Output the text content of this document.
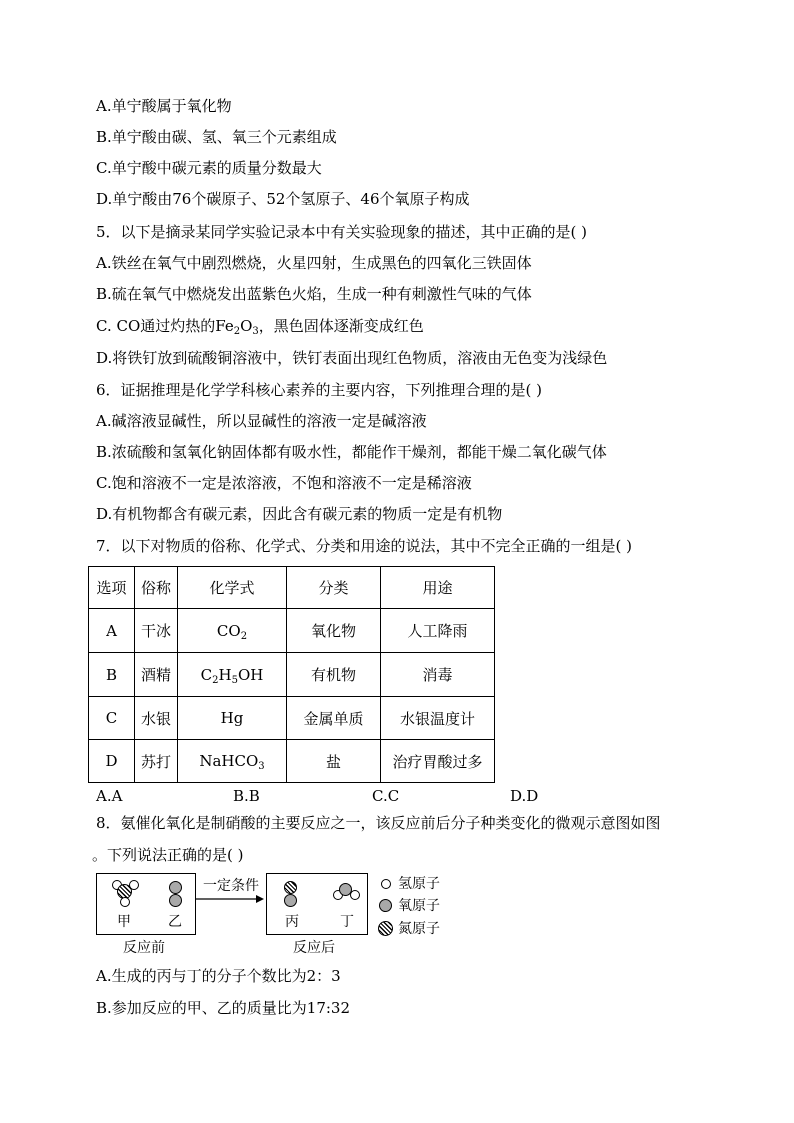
A.单宁酸属于氧化物
B.单宁酸由碳、氢、氧三个元素组成
C.单宁酸中碳元素的质量分数最大
D.单宁酸由76个碳原子、52个氢原子、46个氧原子构成
5．以下是摘录某同学实验记录本中有关实验现象的描述，其中正确的是( )
A.铁丝在氧气中剧烈燃烧，火星四射，生成黑色的四氧化三铁固体
B.硫在氧气中燃烧发出蓝紫色火焰，生成一种有刺激性气味的气体
C. CO通过灼热的$Fe_2O_3$，黑色固体逐渐变成红色
D.将铁钉放到硫酸铜溶液中，铁钉表面出现红色物质，溶液由无色变为浅绿色
6．证据推理是化学学科核心素养的主要内容，下列推理合理的是( )
A.碱溶液显碱性，所以显碱性的溶液一定是碱溶液
B.浓硫酸和氢氧化钠固体都有吸水性，都能作干燥剂，都能干燥二氧化碳气体
C.饱和溶液不一定是浓溶液，不饱和溶液不一定是稀溶液
D.有机物都含有碳元素，因此含有碳元素的物质一定是有机物
7．以下对物质的俗称、化学式、分类和用途的说法，其中不完全正确的一组是( )
选项	俗称	化学式	分类	用途
A	干冰	$CO_2$	氧化物	人工降雨
B	酒精	$C_2H_5OH$	有机物	消毒
C	水银	Hg	金属单质	水银温度计
D	苏打	NaHCO$_3$	盐	治疗胃酸过多
A.A	B.B	C.C	D.D
8．氨催化氧化是制硝酸的主要反应之一，该反应前后分子种类变化的微观示意图如图
。下列说法正确的是( )
甲	乙
反应前
一定条件
丙	丁
反应后
氢原子
氧原子
氮原子
A.生成的丙与丁的分子个数比为2：3
B.参加反应的甲、乙的质量比为17:32
